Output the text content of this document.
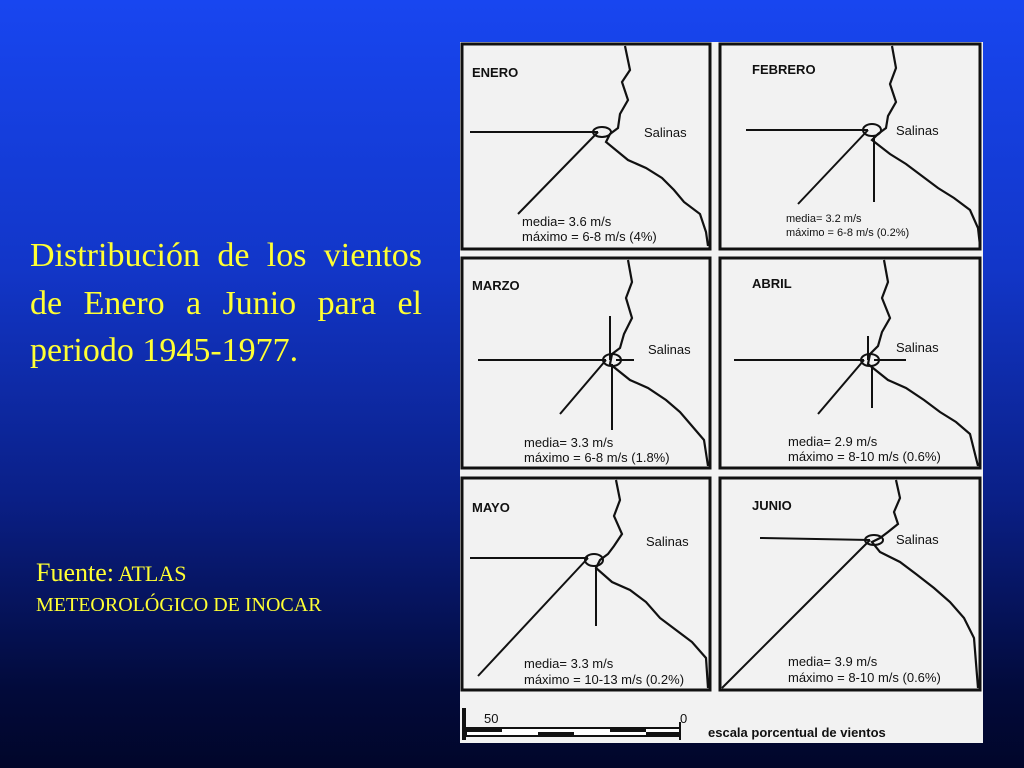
Distribución de los vientos de Enero a Junio para el periodo 1945-1977.
Fuente: ATLAS
METEOROLÓGICO DE INOCAR
ENERO
Salinas
media= 3.6 m/s
máximo = 6-8 m/s (4%)
FEBRERO
Salinas
media= 3.2 m/s
máximo = 6-8 m/s (0.2%)
MARZO
Salinas
media= 3.3 m/s
máximo = 6-8 m/s (1.8%)
ABRIL
Salinas
media= 2.9 m/s
máximo = 8-10 m/s (0.6%)
MAYO
Salinas
media= 3.3 m/s
máximo = 10-13 m/s (0.2%)
JUNIO
Salinas
media= 3.9 m/s
máximo = 8-10 m/s (0.6%)
50	0
escala porcentual de vientos
